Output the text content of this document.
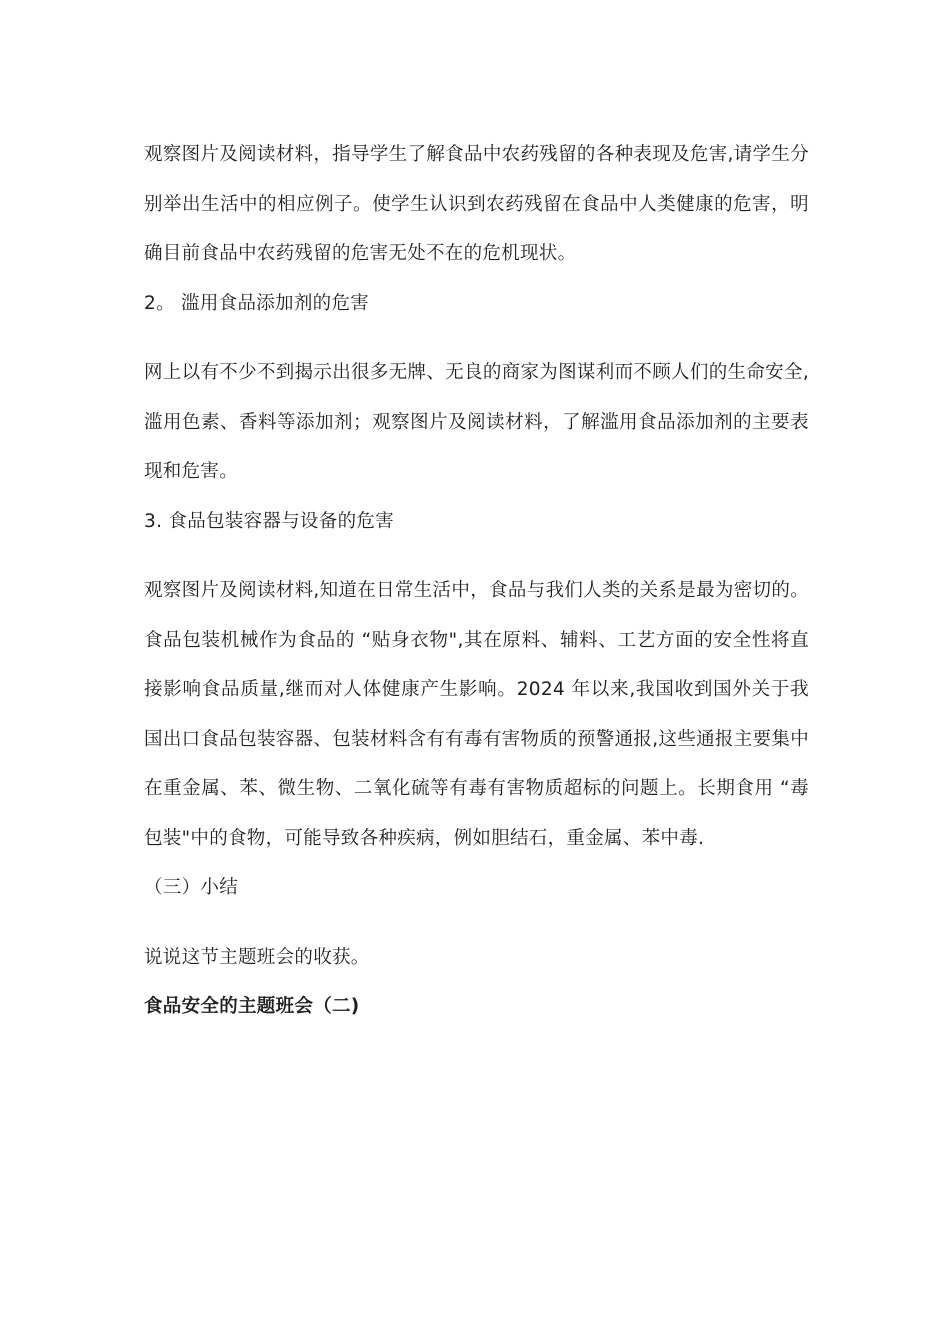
观察图片及阅读材料，指导学生了解食品中农药残留的各种表现及危害,请学生分别举出生活中的相应例子。使学生认识到农药残留在食品中人类健康的危害，明确目前食品中农药残留的危害无处不在的危机现状。

2。 滥用食品添加剂的危害

网上以有不少不到揭示出很多无牌、无良的商家为图谋利而不顾人们的生命安全,滥用色素、香料等添加剂；观察图片及阅读材料，了解滥用食品添加剂的主要表现和危害。

3. 食品包装容器与设备的危害

观察图片及阅读材料,知道在日常生活中，食品与我们人类的关系是最为密切的。食品包装机械作为食品的 “贴身衣物",其在原料、辅料、工艺方面的安全性将直接影响食品质量,继而对人体健康产生影响。2024 年以来,我国收到国外关于我国出口食品包装容器、包装材料含有有毒有害物质的预警通报,这些通报主要集中在重金属、苯、微生物、二氧化硫等有毒有害物质超标的问题上。长期食用 “毒包装"中的食物，可能导致各种疾病，例如胆结石，重金属、苯中毒.

（三）小结

说说这节主题班会的收获。

食品安全的主题班会（二)
